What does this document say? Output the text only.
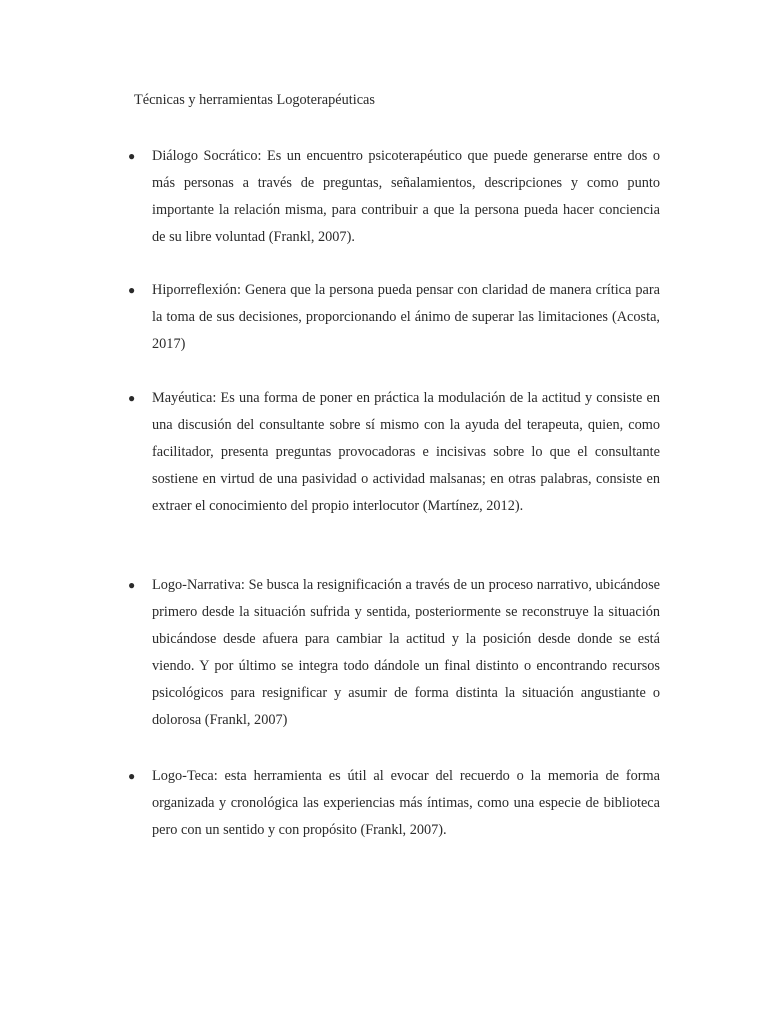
Técnicas y herramientas Logoterapéuticas
● Diálogo Socrático: Es un encuentro psicoterapéutico que puede generarse entre dos o más personas a través de preguntas, señalamientos, descripciones y como punto importante la relación misma, para contribuir a que la persona pueda hacer conciencia de su libre voluntad (Frankl, 2007).
● Hiporreflexión: Genera que la persona pueda pensar con claridad de manera crítica para la toma de sus decisiones, proporcionando el ánimo de superar las limitaciones (Acosta, 2017)
● Mayéutica: Es una forma de poner en práctica la modulación de la actitud y consiste en una discusión del consultante sobre sí mismo con la ayuda del terapeuta, quien, como facilitador, presenta preguntas provocadoras e incisivas sobre lo que el consultante sostiene en virtud de una pasividad o actividad malsanas; en otras palabras, consiste en extraer el conocimiento del propio interlocutor (Martínez, 2012).
● Logo-Narrativa: Se busca la resignificación a través de un proceso narrativo, ubicándose primero desde la situación sufrida y sentida, posteriormente se reconstruye la situación ubicándose desde afuera para cambiar la actitud y la posición desde donde se está viendo. Y por último se integra todo dándole un final distinto o encontrando recursos psicológicos para resignificar y asumir de forma distinta la situación angustiante o dolorosa (Frankl, 2007)
● Logo-Teca: esta herramienta es útil al evocar del recuerdo o la memoria de forma organizada y cronológica las experiencias más íntimas, como una especie de biblioteca pero con un sentido y con propósito (Frankl, 2007).
